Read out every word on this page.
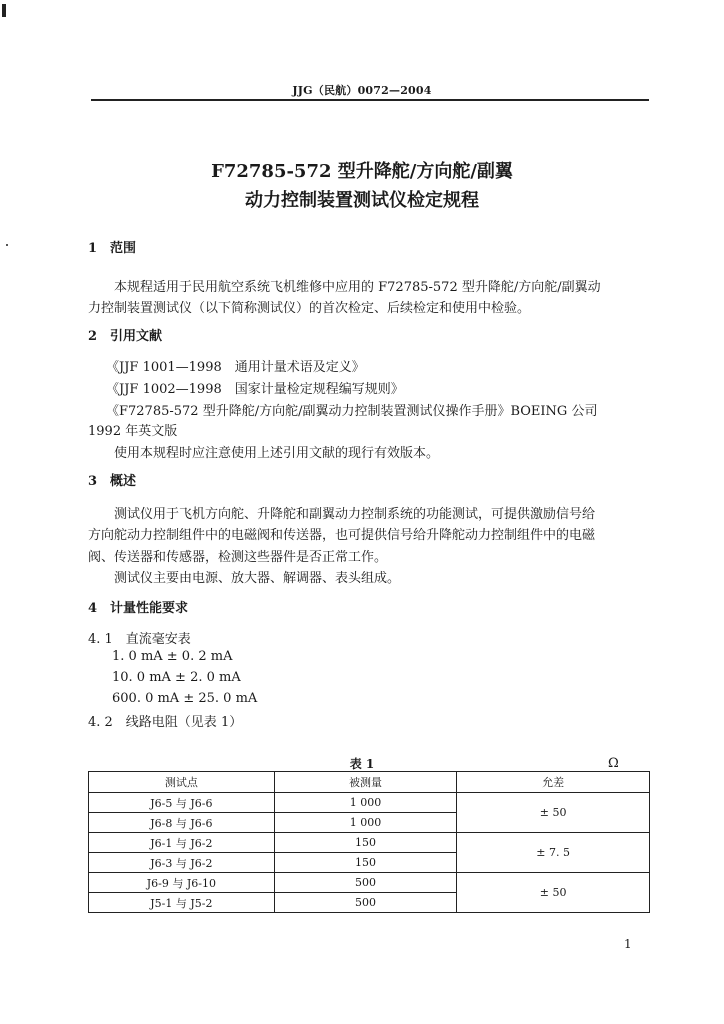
JJG（民航）0072—2004
F72785-572 型升降舵/方向舵/副翼
动力控制装置测试仪检定规程
1 范围
本规程适用于民用航空系统飞机维修中应用的 F72785-572 型升降舵/方向舵/副翼动
力控制装置测试仪（以下简称测试仪）的首次检定、后续检定和使用中检验。
2 引用文献
《JJF 1001—1998　通用计量术语及定义》
《JJF 1002—1998　国家计量检定规程编写规则》
《F72785-572 型升降舵/方向舵/副翼动力控制装置测试仪操作手册》BOEING 公司
1992 年英文版
使用本规程时应注意使用上述引用文献的现行有效版本。
3 概述
测试仪用于飞机方向舵、升降舵和副翼动力控制系统的功能测试，可提供激励信号给
方向舵动力控制组件中的电磁阀和传送器，也可提供信号给升降舵动力控制组件中的电磁
阀、传送器和传感器，检测这些器件是否正常工作。
测试仪主要由电源、放大器、解调器、表头组成。
4 计量性能要求
4. 1　直流毫安表
1. 0 mA ± 0. 2 mA
10. 0 mA ± 2. 0 mA
600. 0 mA ± 25. 0 mA
4. 2　线路电阻（见表 1）
表 1	Ω
测试点	被测量	允差
J6-5 与 J6-6	1 000	± 50
J6-8 与 J6-6	1 000	
J6-1 与 J6-2	150	± 7. 5
J6-3 与 J6-2	150	
J6-9 与 J6-10	500	± 50
J5-1 与 J5-2	500	
1
